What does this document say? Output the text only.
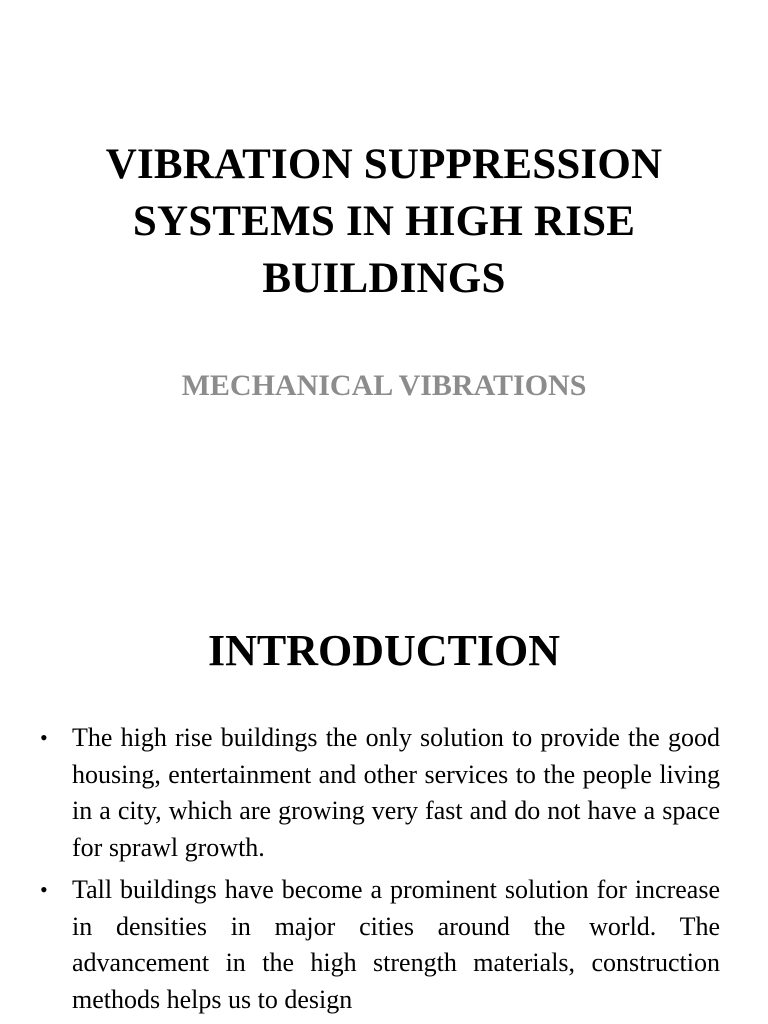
VIBRATION SUPPRESSION SYSTEMS IN HIGH RISE BUILDINGS
MECHANICAL VIBRATIONS
INTRODUCTION
• The high rise buildings the only solution to provide the good housing, entertainment and other services to the people living in a city, which are growing very fast and do not have a space for sprawl growth.
• Tall buildings have become a prominent solution for increase in densities in major cities around the world. The advancement in the high strength materials, construction methods helps us to design
